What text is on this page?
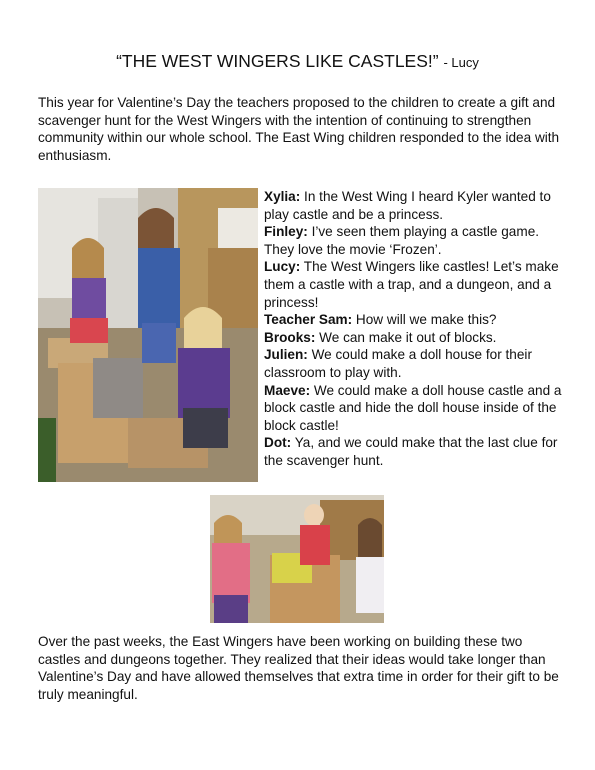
“THE WEST WINGERS LIKE CASTLES!” - Lucy
This year for Valentine’s Day the teachers proposed to the children to create a gift and scavenger hunt for the West Wingers with the intention of continuing to strengthen community within our whole school. The East Wing children responded to the idea with enthusiasm.
Xylia: In the West Wing I heard Kyler wanted to play castle and be a princess.
Finley: I’ve seen them playing a castle game. They love the movie ‘Frozen’.
Lucy: The West Wingers like castles! Let’s make them a castle with a trap, and a dungeon, and a princess!
Teacher Sam: How will we make this?
Brooks: We can make it out of blocks.
Julien: We could make a doll house for their classroom to play with.
Maeve: We could make a doll house castle and a block castle and hide the doll house inside of the block castle!
Dot: Ya, and we could make that the last clue for the scavenger hunt.
Over the past weeks, the East Wingers have been working on building these two castles and dungeons together. They realized that their ideas would take longer than Valentine’s Day and have allowed themselves that extra time in order for their gift to be truly meaningful.
